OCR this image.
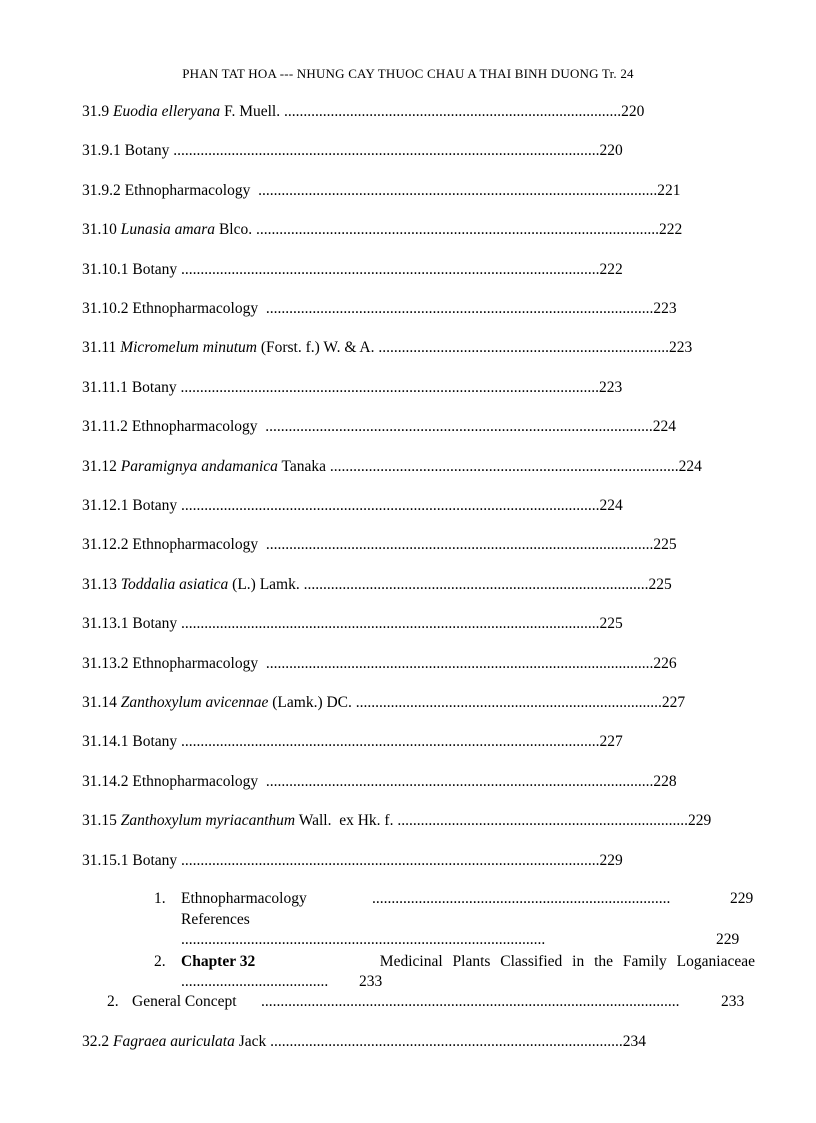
PHAN TAT HOA --- NHUNG CAY THUOC CHAU A THAI BINH DUONG Tr. 24
31.9 Euodia elleryana F. Muell. .......................................................................................220
31.9.1 Botany ..............................................................................................................220
31.9.2 Ethnopharmacology .......................................................................................................221
31.10 Lunasia amara Blco. ........................................................................................................222
31.10.1 Botany ............................................................................................................222
31.10.2 Ethnopharmacology ....................................................................................................223
31.11 Micromelum minutum (Forst. f.) W. & A. ...........................................................................223
31.11.1 Botany ............................................................................................................223
31.11.2 Ethnopharmacology ....................................................................................................224
31.12 Paramignya andamanica Tanaka ..........................................................................................224
31.12.1 Botany ............................................................................................................224
31.12.2 Ethnopharmacology ....................................................................................................225
31.13 Toddalia asiatica (L.) Lamk. .........................................................................................225
31.13.1 Botany ............................................................................................................225
31.13.2 Ethnopharmacology ....................................................................................................226
31.14 Zanthoxylum avicennae (Lamk.) DC. ...............................................................................227
31.14.1 Botany ............................................................................................................227
31.14.2 Ethnopharmacology ....................................................................................................228
31.15 Zanthoxylum myriacanthum Wall.  ex Hk. f. ...........................................................................229
31.15.1 Botany ............................................................................................................229
1. Ethnopharmacology	.............................................................................	229
References
..............................................................................................	229
2. Chapter 32	Medicinal Plants Classified in the Family Loganiaceae
......................................	233
2. General Concept ............................................................................................................	233
32.2 Fagraea auriculata Jack ...........................................................................................234
